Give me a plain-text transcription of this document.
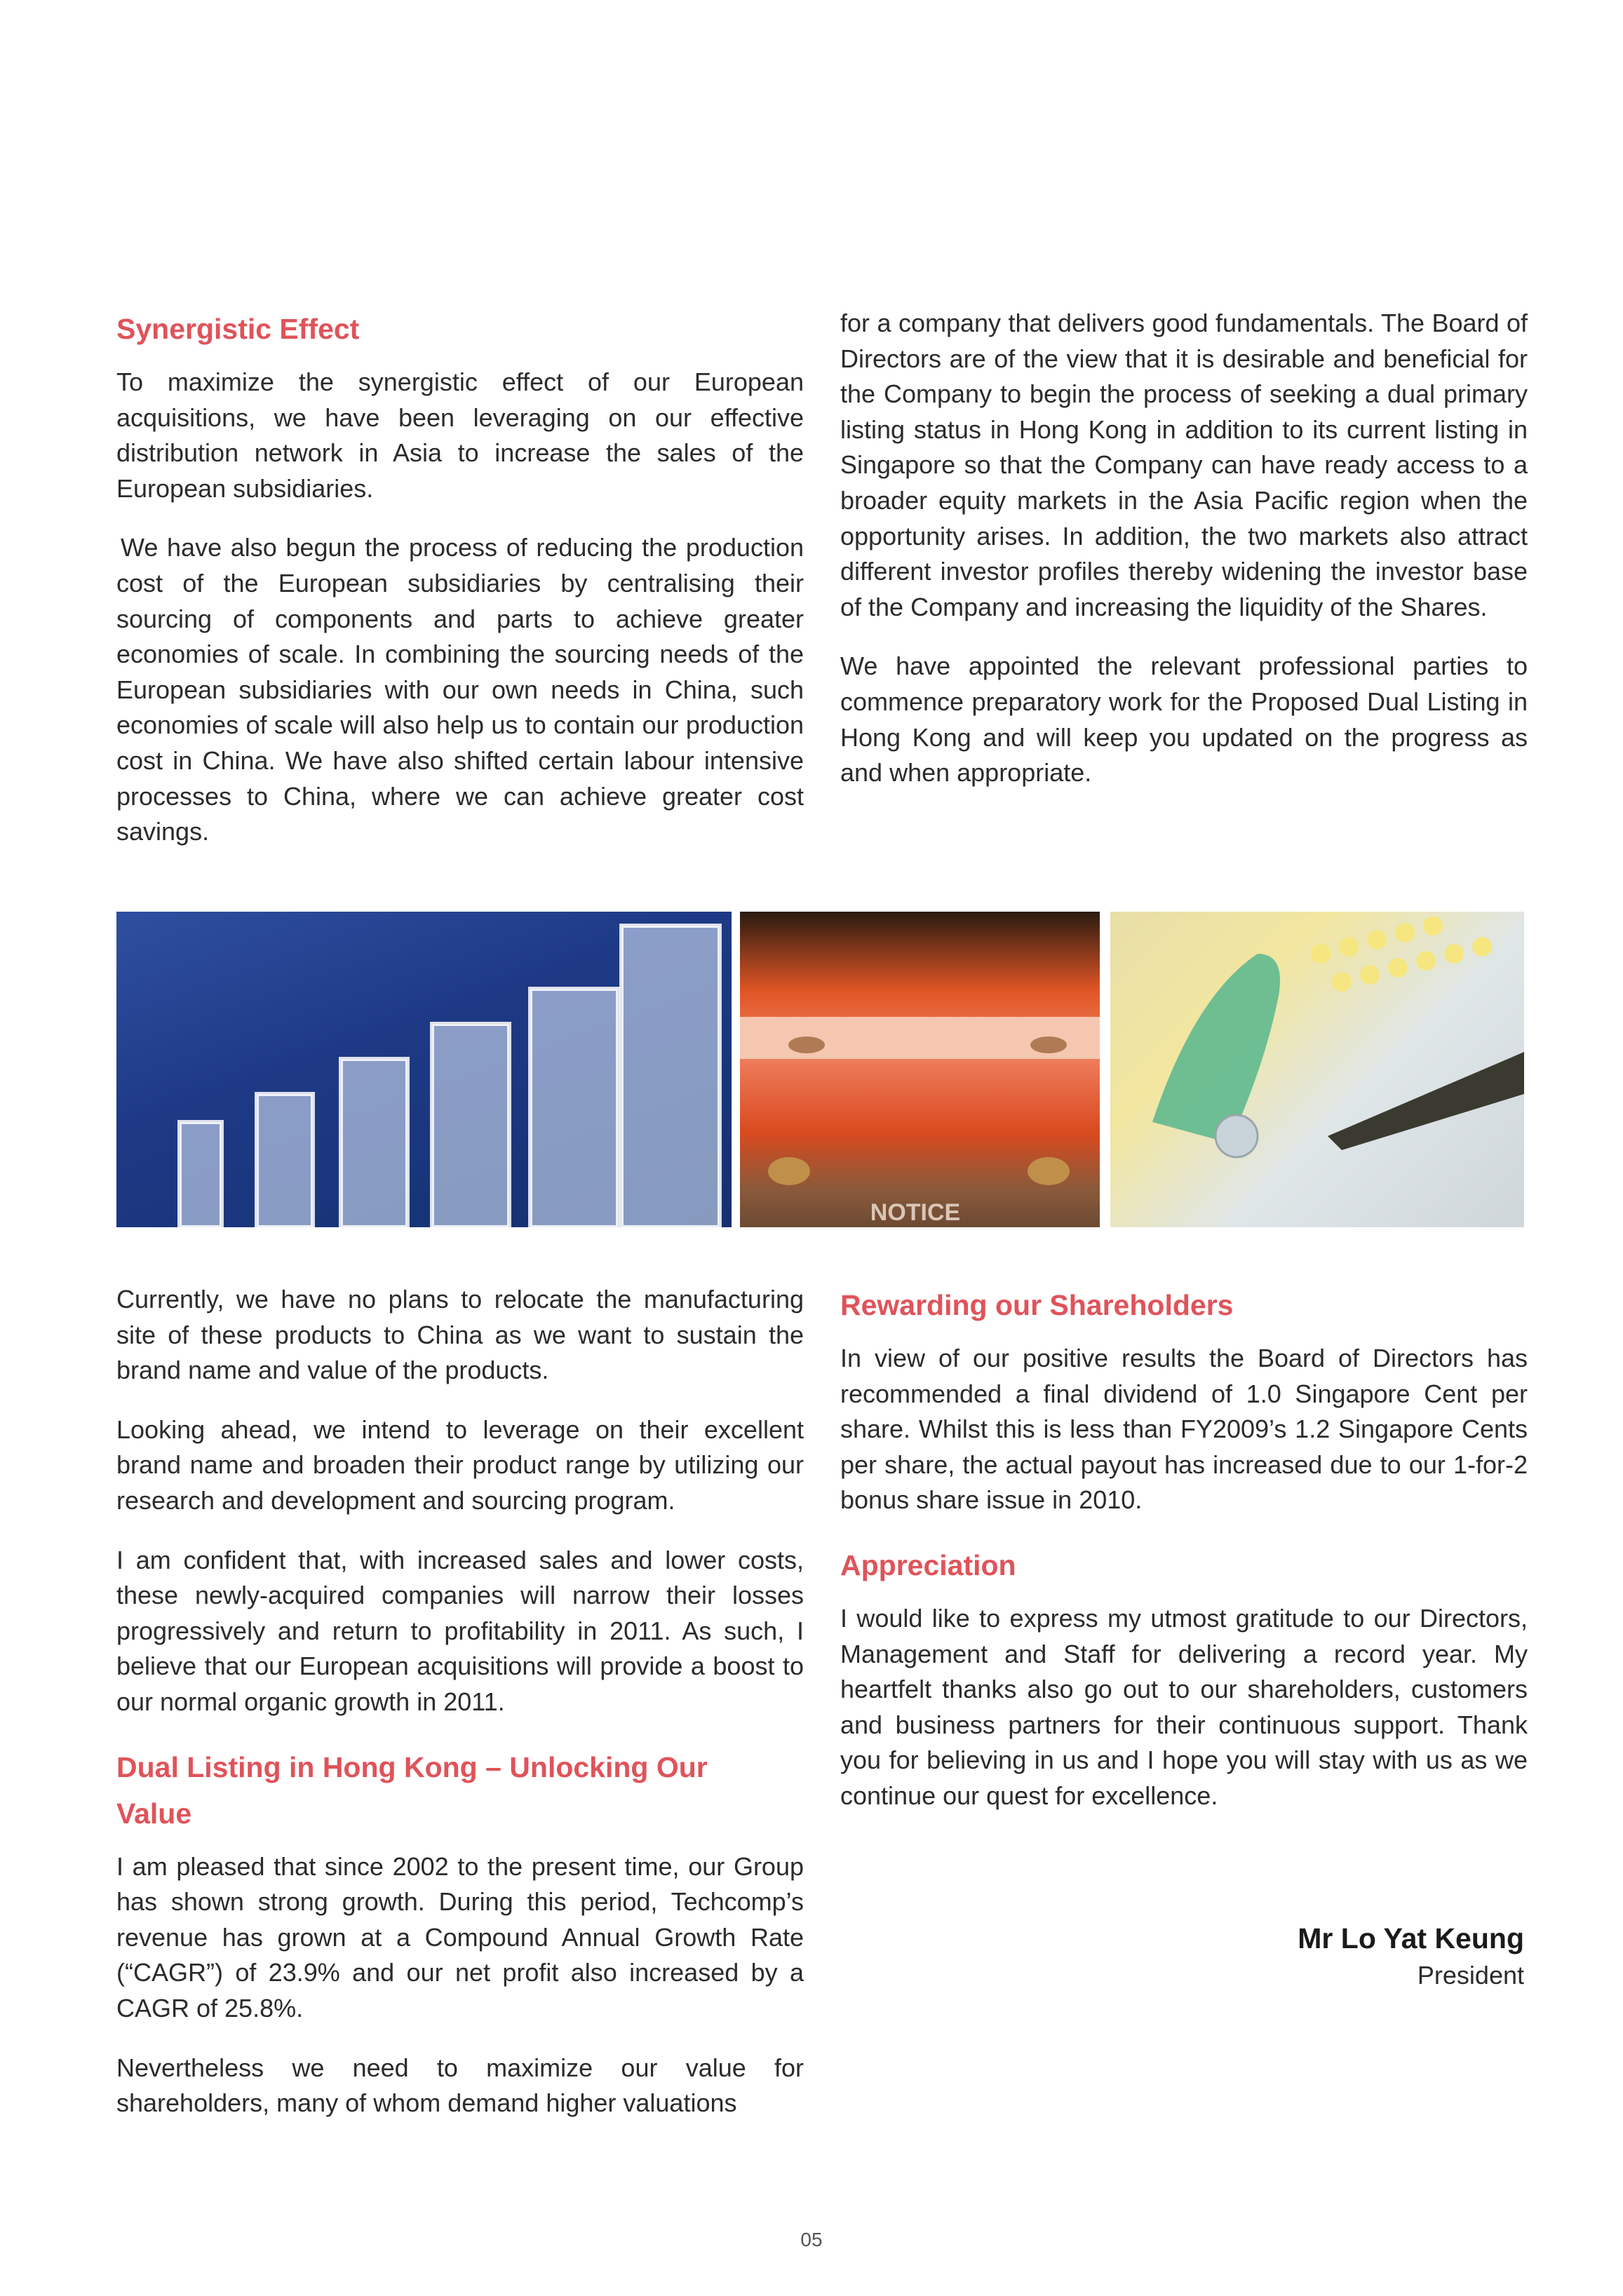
Synergistic Effect

To maximize the synergistic effect of our European acquisitions, we have been leveraging on our effective distribution network in Asia to increase the sales of the European subsidiaries.

We have also begun the process of reducing the production cost of the European subsidiaries by centralising their sourcing of components and parts to achieve greater economies of scale. In combining the sourcing needs of the European subsidiaries with our own needs in China, such economies of scale will also help us to contain our production cost in China. We have also shifted certain labour intensive processes to China, where we can achieve greater cost savings.

for a company that delivers good fundamentals. The Board of Directors are of the view that it is desirable and beneficial for the Company to begin the process of seeking a dual primary listing status in Hong Kong in addition to its current listing in Singapore so that the Company can have ready access to a broader equity markets in the Asia Pacific region when the opportunity arises. In addition, the two markets also attract different investor profiles thereby widening the investor base of the Company and increasing the liquidity of the Shares.

We have appointed the relevant professional parties to commence preparatory work for the Proposed Dual Listing in Hong Kong and will keep you updated on the progress as and when appropriate.

NOTICE

Currently, we have no plans to relocate the manufacturing site of these products to China as we want to sustain the brand name and value of the products.

Looking ahead, we intend to leverage on their excellent brand name and broaden their product range by utilizing our research and development and sourcing program.

I am confident that, with increased sales and lower costs, these newly-acquired companies will narrow their losses progressively and return to profitability in 2011. As such, I believe that our European acquisitions will provide a boost to our normal organic growth in 2011.

Dual Listing in Hong Kong – Unlocking Our Value

I am pleased that since 2002 to the present time, our Group has shown strong growth. During this period, Techcomp’s revenue has grown at a Compound Annual Growth Rate (“CAGR”) of 23.9% and our net profit also increased by a CAGR of 25.8%.

Nevertheless we need to maximize our value for shareholders, many of whom demand higher valuations

Rewarding our Shareholders

In view of our positive results the Board of Directors has recommended a final dividend of 1.0 Singapore Cent per share. Whilst this is less than FY2009’s 1.2 Singapore Cents per share, the actual payout has increased due to our 1-for-2 bonus share issue in 2010.

Appreciation

I would like to express my utmost gratitude to our Directors, Management and Staff for delivering a record year. My heartfelt thanks also go out to our shareholders, customers and business partners for their continuous support. Thank you for believing in us and I hope you will stay with us as we continue our quest for excellence.

Mr Lo Yat Keung
President
05
